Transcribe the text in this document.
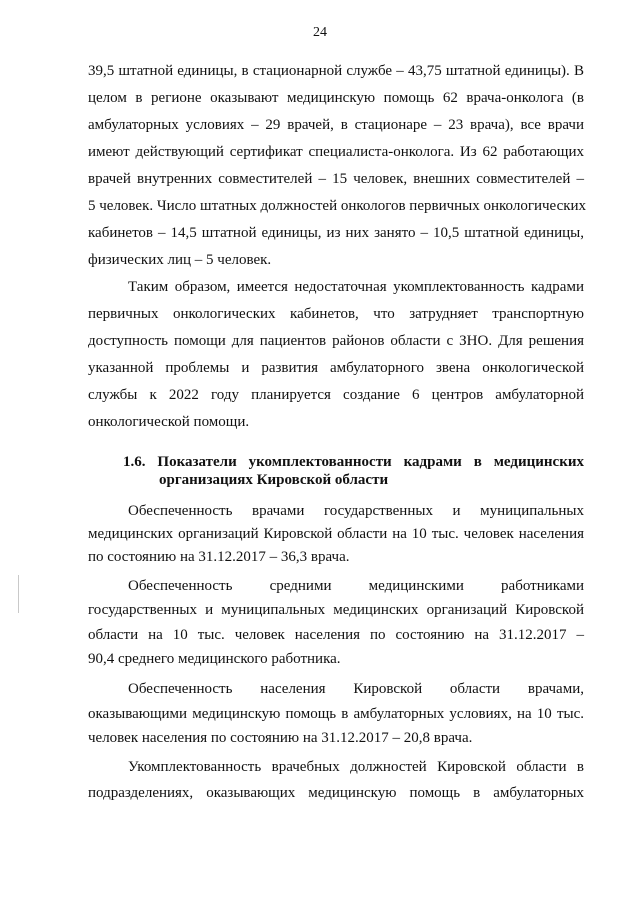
24
39,5 штатной единицы, в стационарной службе – 43,75 штатной единицы). В
целом в регионе оказывают медицинскую помощь 62 врача-онколога (в
амбулаторных условиях – 29 врачей, в стационаре – 23 врача), все врачи
имеют действующий сертификат специалиста-онколога. Из 62 работающих
врачей внутренних совместителей – 15 человек, внешних совместителей –
5 человек. Число штатных должностей онкологов первичных онкологических
кабинетов – 14,5 штатной единицы, из них занято – 10,5 штатной единицы,
физических лиц – 5 человек.
Таким образом, имеется недостаточная укомплектованность кадрами
первичных онкологических кабинетов, что затрудняет транспортную
доступность помощи для пациентов районов области с ЗНО. Для решения
указанной проблемы и развития амбулаторного звена онкологической
службы к 2022 году планируется создание 6 центров амбулаторной
онкологической помощи.
1.6. Показатели укомплектованности кадрами в медицинских
организациях Кировской области
Обеспеченность врачами государственных и муниципальных
медицинских организаций Кировской области на 10 тыс. человек населения
по состоянию на 31.12.2017 – 36,3 врача.
Обеспеченность средними медицинскими работниками
государственных и муниципальных медицинских организаций Кировской
области на 10 тыс. человек населения по состоянию на 31.12.2017 –
90,4 среднего медицинского работника.
Обеспеченность населения Кировской области врачами,
оказывающими медицинскую помощь в амбулаторных условиях, на 10 тыс.
человек населения по состоянию на 31.12.2017 – 20,8 врача.
Укомплектованность врачебных должностей Кировской области в
подразделениях, оказывающих медицинскую помощь в амбулаторных
